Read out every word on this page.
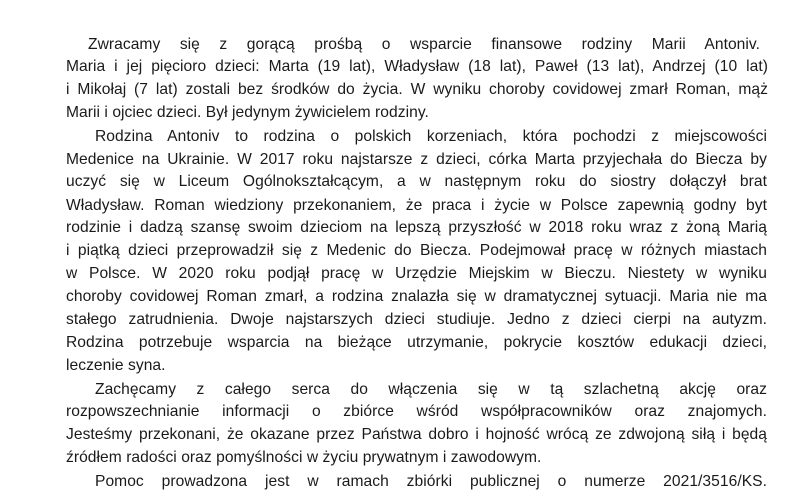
Zwracamy się z gorącą prośbą o wsparcie finansowe rodziny Marii Antoniv.
Maria i jej pięcioro dzieci: Marta (19 lat), Władysław (18 lat), Paweł (13 lat), Andrzej (10 lat)
i Mikołaj (7 lat) zostali bez środków do życia. W wyniku choroby covidowej zmarł Roman, mąż
Marii i ojciec dzieci. Był jedynym żywicielem rodziny.
Rodzina Antoniv to rodzina o polskich korzeniach, która pochodzi z miejscowości
Medenice na Ukrainie. W 2017 roku najstarsze z dzieci, córka Marta przyjechała do Biecza by
uczyć się w Liceum Ogólnokształcącym, a w następnym roku do siostry dołączył brat
Władysław. Roman wiedziony przekonaniem, że praca i życie w Polsce zapewnią godny byt
rodzinie i dadzą szansę swoim dzieciom na lepszą przyszłość w 2018 roku wraz z żoną Marią
i piątką dzieci przeprowadził się z Medenic do Biecza. Podejmował pracę w różnych miastach
w Polsce. W 2020 roku podjął pracę w Urzędzie Miejskim w Bieczu. Niestety w wyniku
choroby covidowej Roman zmarł, a rodzina znalazła się w dramatycznej sytuacji. Maria nie ma
stałego zatrudnienia. Dwoje najstarszych dzieci studiuje. Jedno z dzieci cierpi na autyzm.
Rodzina potrzebuje wsparcia na bieżące utrzymanie, pokrycie kosztów edukacji dzieci,
leczenie syna.
Zachęcamy z całego serca do włączenia się w tą szlachetną akcję oraz
rozpowszechnianie informacji o zbiórce wśród współpracowników oraz znajomych.
Jesteśmy przekonani, że okazane przez Państwa dobro i hojność wrócą ze zdwojoną siłą i będą
źródłem radości oraz pomyślności w życiu prywatnym i zawodowym.
Pomoc prowadzona jest w ramach zbiórki publicznej o numerze 2021/3516/KS.
